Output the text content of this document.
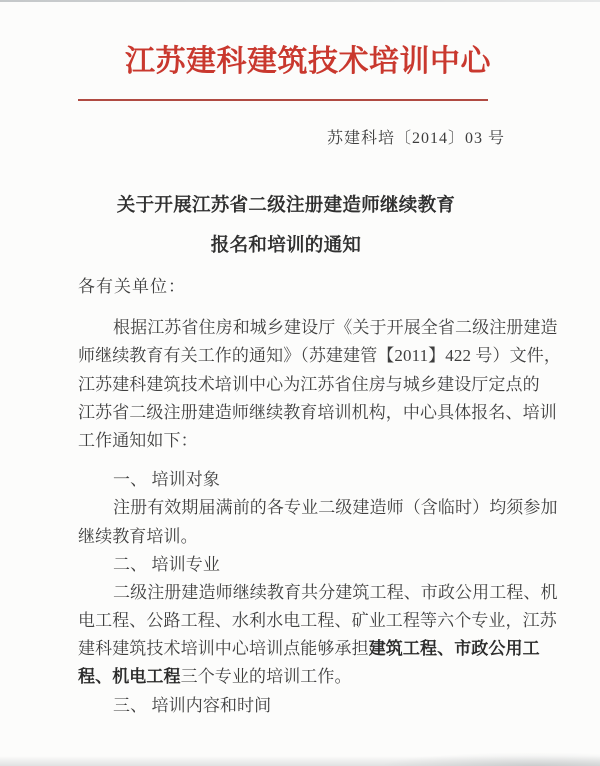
江苏建科建筑技术培训中心
苏建科培〔2014〕03 号
关于开展江苏省二级注册建造师继续教育
报名和培训的通知
各有关单位：
根据江苏省住房和城乡建设厅《关于开展全省二级注册建造
师继续教育有关工作的通知》（苏建建管【2011】422 号）文件，
江苏建科建筑技术培训中心为江苏省住房与城乡建设厅定点的
江苏省二级注册建造师继续教育培训机构，中心具体报名、培训
工作通知如下：
一、 培训对象
注册有效期届满前的各专业二级建造师（含临时）均须参加
继续教育培训。
二、 培训专业
二级注册建造师继续教育共分建筑工程、市政公用工程、机
电工程、公路工程、水利水电工程、矿业工程等六个专业，江苏
建科建筑技术培训中心培训点能够承担建筑工程、市政公用工
程、机电工程三个专业的培训工作。
三、 培训内容和时间
